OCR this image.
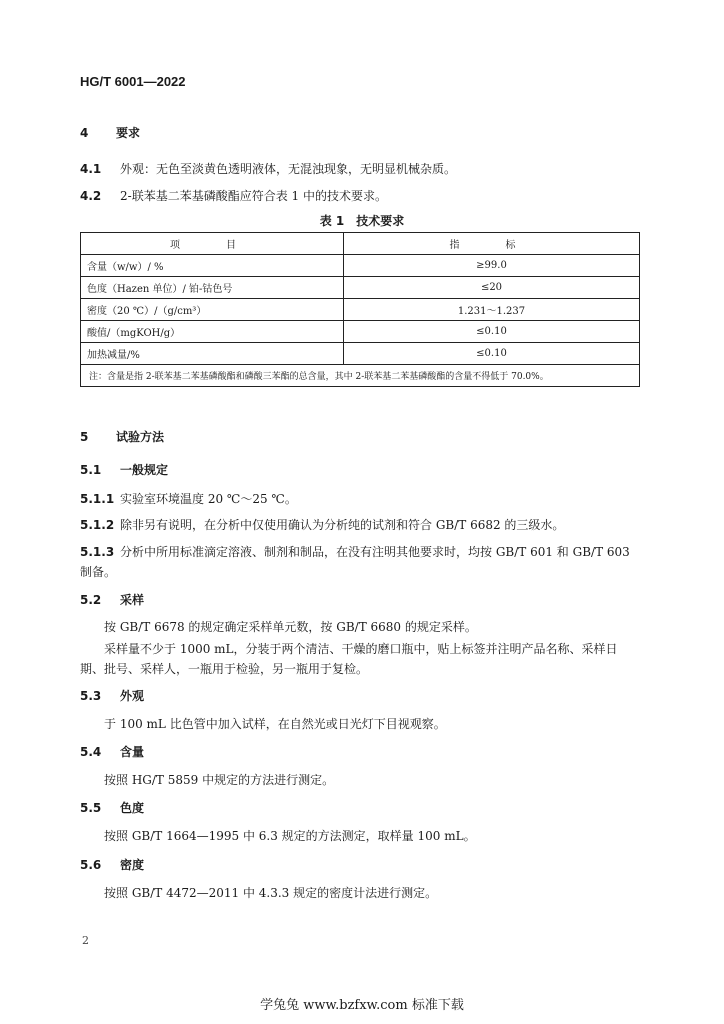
HG/T 6001—2022
4 要求
4.1 外观：无色至淡黄色透明液体，无混浊现象，无明显机械杂质。
4.2 2-联苯基二苯基磷酸酯应符合表 1 中的技术要求。
表 1　技术要求
项　目	指　标
含量（w/w）/ %	≥99.0
色度（Hazen 单位）/ 铂-钴色号	≤20
密度（20 ℃）/（g/cm³）	1.231～1.237
酸值/（mgKOH/g）	≤0.10
加热减量/%	≤0.10
注：含量是指 2-联苯基二苯基磷酸酯和磷酸三苯酯的总含量，其中 2-联苯基二苯基磷酸酯的含量不得低于 70.0%。	
5 试验方法
5.1 一般规定
5.1.1 实验室环境温度 20 ℃～25 ℃。
5.1.2 除非另有说明，在分析中仅使用确认为分析纯的试剂和符合 GB/T 6682 的三级水。
5.1.3 分析中所用标准滴定溶液、制剂和制品，在没有注明其他要求时，均按 GB/T 601 和 GB/T 603
制备。
5.2 采样
按 GB/T 6678 的规定确定采样单元数，按 GB/T 6680 的规定采样。
采样量不少于 1000 mL，分装于两个清洁、干燥的磨口瓶中，贴上标签并注明产品名称、采样日
期、批号、采样人，一瓶用于检验，另一瓶用于复检。
5.3 外观
于 100 mL 比色管中加入试样，在自然光或日光灯下目视观察。
5.4 含量
按照 HG/T 5859 中规定的方法进行测定。
5.5 色度
按照 GB/T 1664—1995 中 6.3 规定的方法测定，取样量 100 mL。
5.6 密度
按照 GB/T 4472—2011 中 4.3.3 规定的密度计法进行测定。
2
学兔兔 www.bzfxw.com 标准下载
